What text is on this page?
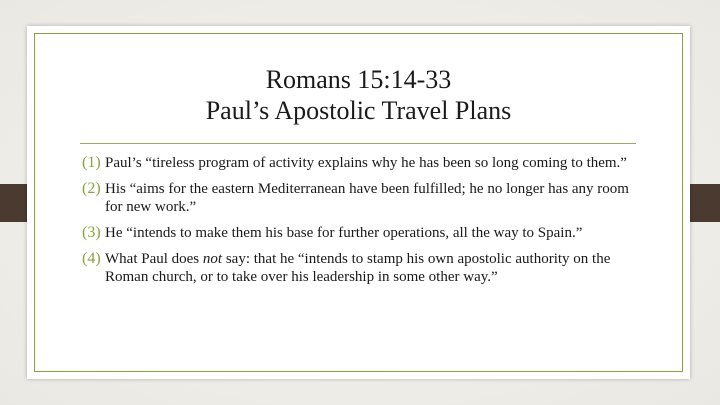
Romans 15:14-33
Paul’s Apostolic Travel Plans
(1) Paul’s “tireless program of activity explains why he has been so long coming to them.”
(2) His “aims for the eastern Mediterranean have been fulfilled; he no longer has any room for new work.”
(3) He “intends to make them his base for further operations, all the way to Spain.”
(4) What Paul does not say: that he “intends to stamp his own apostolic authority on the Roman church, or to take over his leadership in some other way.”
